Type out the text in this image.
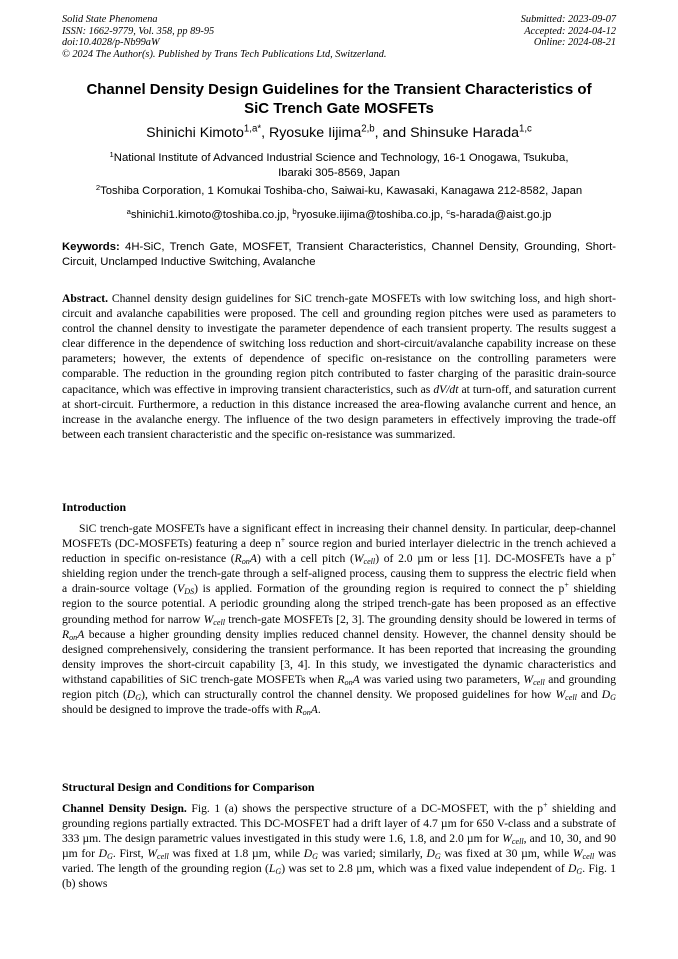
Solid State Phenomena
ISSN: 1662-9779, Vol. 358, pp 89-95
doi:10.4028/p-Nb99aW
© 2024 The Author(s). Published by Trans Tech Publications Ltd, Switzerland.
Submitted: 2023-09-07
Accepted: 2024-04-12
Online: 2024-08-21
Channel Density Design Guidelines for the Transient Characteristics of
SiC Trench Gate MOSFETs
Shinichi Kimoto$^{1,a*}$, Ryosuke Iijima$^{2,b}$, and Shinsuke Harada$^{1,c}$
$^1$National Institute of Advanced Industrial Science and Technology, 16-1 Onogawa, Tsukuba,
Ibaraki 305-8569, Japan
$^2$Toshiba Corporation, 1 Komukai Toshiba-cho, Saiwai-ku, Kawasaki, Kanagawa 212-8582, Japan
$^a$shinichi1.kimoto@toshiba.co.jp, $^b$ryosuke.iijima@toshiba.co.jp, $^c$s-harada@aist.go.jp
Keywords: 4H-SiC, Trench Gate, MOSFET, Transient Characteristics, Channel Density, Grounding, Short-Circuit, Unclamped Inductive Switching, Avalanche
Abstract. Channel density design guidelines for SiC trench-gate MOSFETs with low switching loss, and high short-circuit and avalanche capabilities were proposed. The cell and grounding region pitches were used as parameters to control the channel density to investigate the parameter dependence of each transient property. The results suggest a clear difference in the dependence of switching loss reduction and short-circuit/avalanche capability increase on these parameters; however, the extents of dependence of specific on-resistance on the controlling parameters were comparable. The reduction in the grounding region pitch contributed to faster charging of the parasitic drain-source capacitance, which was effective in improving transient characteristics, such as dV/dt at turn-off, and saturation current at short-circuit. Furthermore, a reduction in this distance increased the area-flowing avalanche current and hence, an increase in the avalanche energy. The influence of the two design parameters in effectively improving the trade-off between each transient characteristic and the specific on-resistance was summarized.
Introduction
SiC trench-gate MOSFETs have a significant effect in increasing their channel density. In particular, deep-channel MOSFETs (DC-MOSFETs) featuring a deep n+ source region and buried interlayer dielectric in the trench achieved a reduction in specific on-resistance $(R_{on}A)$ with a cell pitch $(W_{cell})$ of 2.0 µm or less [1]. DC-MOSFETs have a p+ shielding region under the trench-gate through a self-aligned process, causing them to suppress the electric field when a drain-source voltage $(V_{DS})$ is applied. Formation of the grounding region is required to connect the p+ shielding region to the source potential. A periodic grounding along the striped trench-gate has been proposed as an effective grounding method for narrow $W_{cell}$ trench-gate MOSFETs [2, 3]. The grounding density should be lowered in terms of $R_{on}A$ because a higher grounding density implies reduced channel density. However, the channel density should be designed comprehensively, considering the transient performance. It has been reported that increasing the grounding density improves the short-circuit capability [3, 4]. In this study, we investigated the dynamic characteristics and withstand capabilities of SiC trench-gate MOSFETs when $R_{on}A$ was varied using two parameters, $W_{cell}$ and grounding region pitch $(D_G)$, which can structurally control the channel density. We proposed guidelines for how $W_{cell}$ and $D_G$ should be designed to improve the trade-offs with $R_{on}A$.
Structural Design and Conditions for Comparison
Channel Density Design. Fig. 1 (a) shows the perspective structure of a DC-MOSFET, with the p+ shielding and grounding regions partially extracted. This DC-MOSFET had a drift layer of 4.7 µm for 650 V-class and a substrate of 333 µm. The design parametric values investigated in this study were 1.6, 1.8, and 2.0 µm for $W_{cell}$, and 10, 30, and 90 µm for $D_G$. First, $W_{cell}$ was fixed at 1.8 µm, while $D_G$ was varied; similarly, $D_G$ was fixed at 30 µm, while $W_{cell}$ was varied. The length of the grounding region $(L_G)$ was set to 2.8 µm, which was a fixed value independent of $D_G$. Fig. 1 (b) shows
